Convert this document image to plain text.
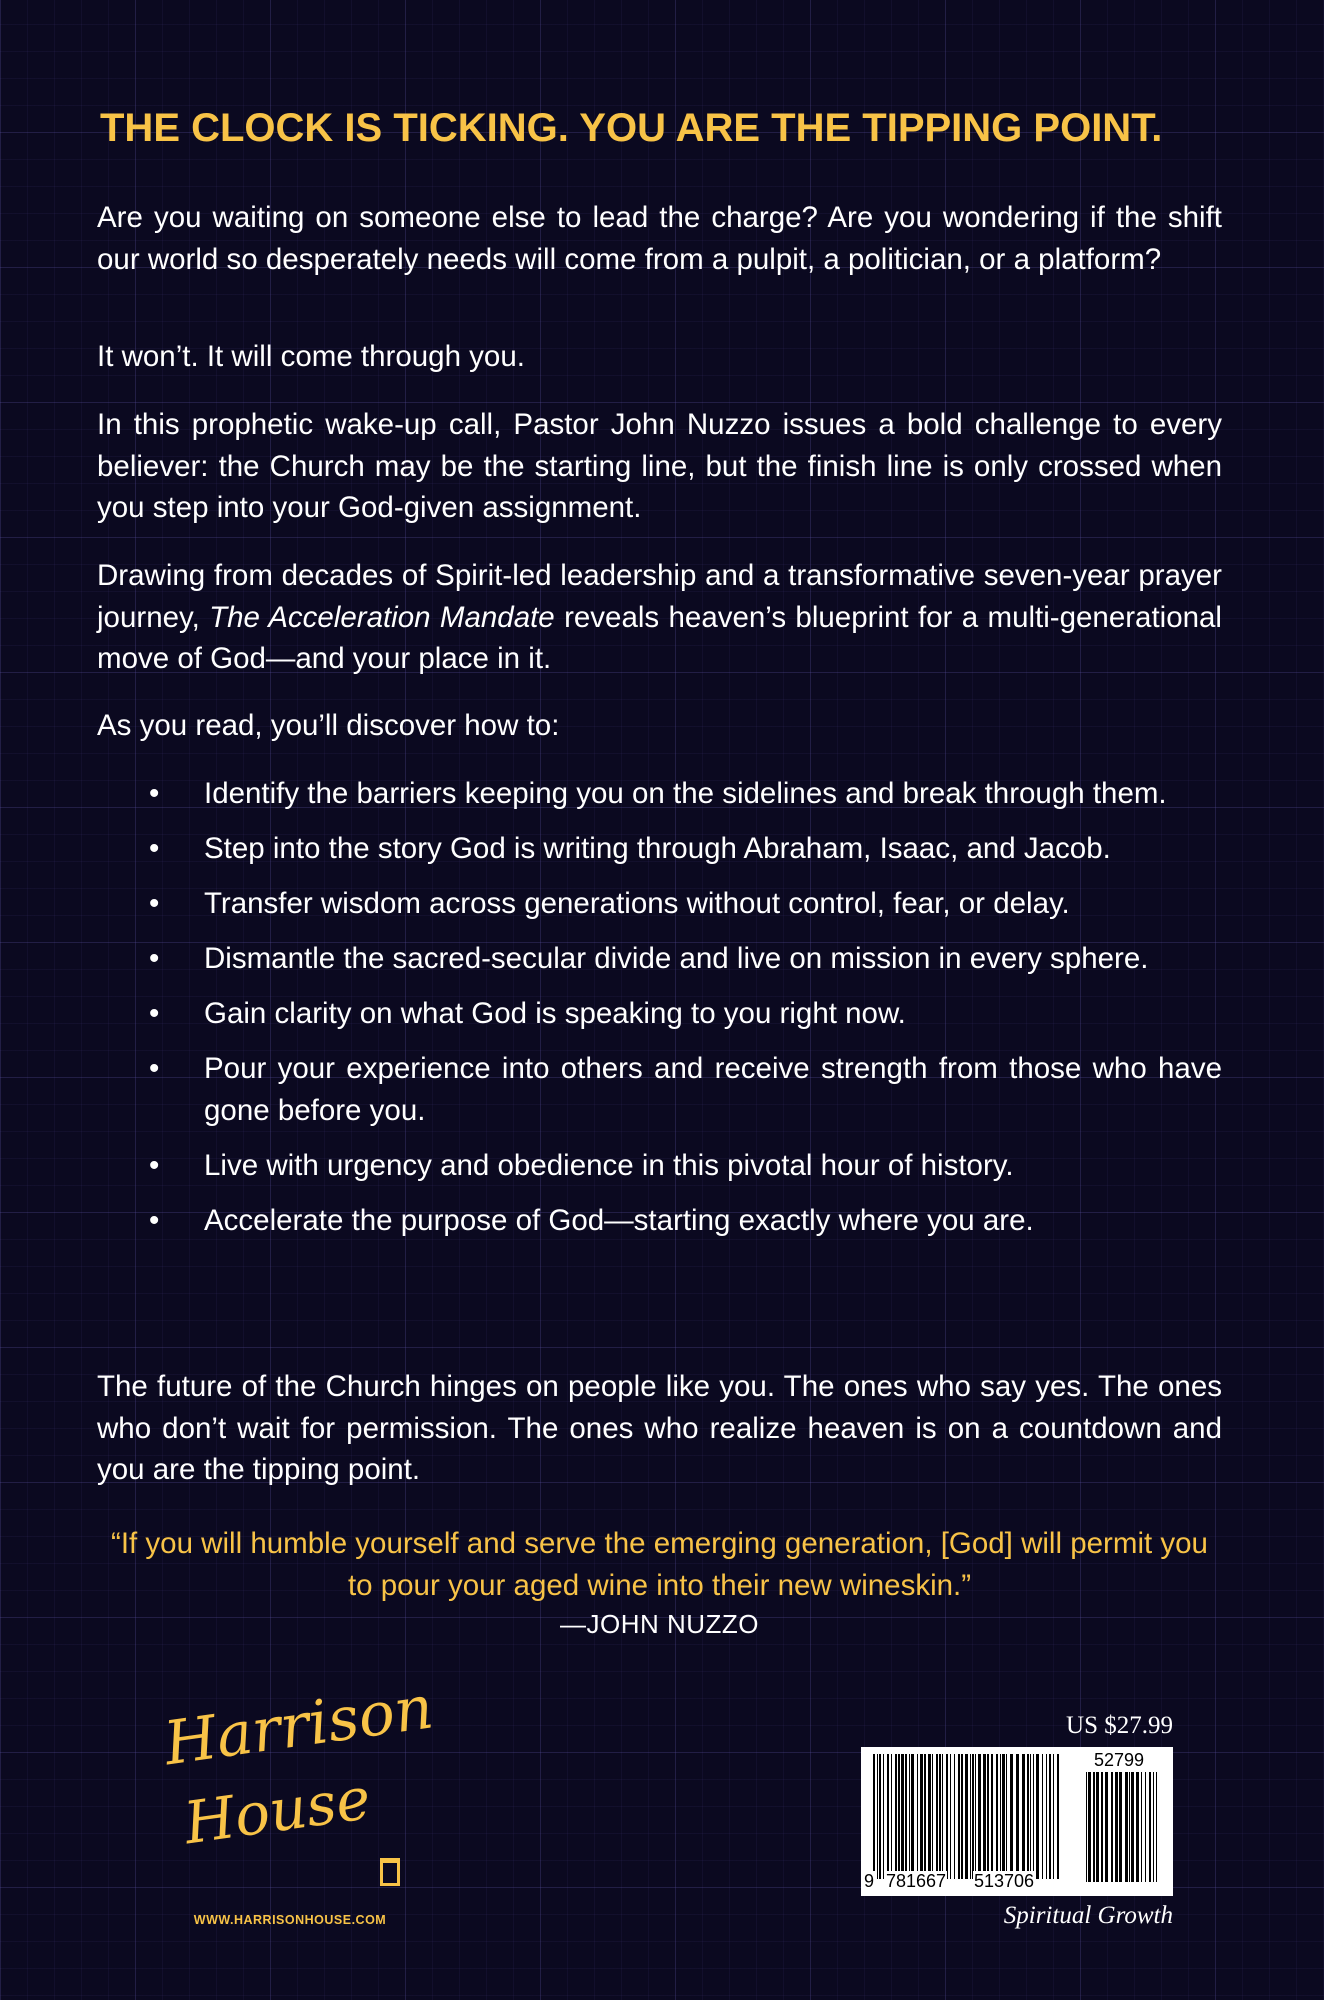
THE CLOCK IS TICKING. YOU ARE THE TIPPING POINT.

Are you waiting on someone else to lead the charge? Are you wondering if the shift our world so desperately needs will come from a pulpit, a politician, or a platform?

It won’t. It will come through you.

In this prophetic wake-up call, Pastor John Nuzzo issues a bold challenge to every believer: the Church may be the starting line, but the finish line is only crossed when you step into your God-given assignment.

Drawing from decades of Spirit-led leadership and a transformative seven-year prayer journey, The Acceleration Mandate reveals heaven’s blueprint for a multi-generational move of God—and your place in it.

As you read, you’ll discover how to:

• Identify the barriers keeping you on the sidelines and break through them.
• Step into the story God is writing through Abraham, Isaac, and Jacob.
• Transfer wisdom across generations without control, fear, or delay.
• Dismantle the sacred-secular divide and live on mission in every sphere.
• Gain clarity on what God is speaking to you right now.
• Pour your experience into others and receive strength from those who have gone before you.
• Live with urgency and obedience in this pivotal hour of history.
• Accelerate the purpose of God—starting exactly where you are.

The future of the Church hinges on people like you. The ones who say yes. The ones who don’t wait for permission. The ones who realize heaven is on a countdown and you are the tipping point.

“If you will humble yourself and serve the emerging generation, [God] will permit you to pour your aged wine into their new wineskin.”

—JOHN NUZZO
Harrison
House
WWW.HARRISONHOUSE.COM
US $27.99
52799
9 781667 513706
Spiritual Growth
